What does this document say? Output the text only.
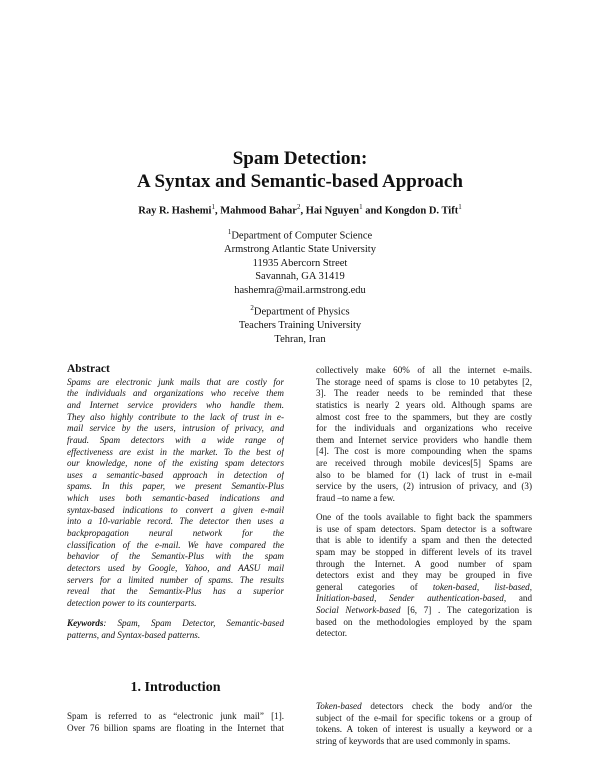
Spam Detection:
A Syntax and Semantic-based Approach
Ray R. Hashemi$^1$, Mahmood Bahar$^2$, Hai Nguyen$^1$ and Kongdon D. Tift$^1$
$^1$Department of Computer Science
Armstrong Atlantic State University
11935 Abercorn Street
Savannah, GA 31419
hashemra@mail.armstrong.edu
$^2$Department of Physics
Teachers Training University
Tehran, Iran
Abstract
Spams are electronic junk mails that are costly for
the individuals and organizations who receive them
and Internet service providers who handle them.
They also highly contribute to the lack of trust in e-
mail service by the users, intrusion of privacy, and
fraud. Spam detectors with a wide range of
effectiveness are exist in the market. To the best of
our knowledge, none of the existing spam detectors
uses a semantic-based approach in detection of
spams. In this paper, we present Semantix-Plus
which uses both semantic-based indications and
syntax-based indications to convert a given e-mail
into a 10-variable record. The detector then uses a
backpropagation neural network for the
classification of the e-mail. We have compared the
behavior of the Semantix-Plus with the spam
detectors used by Google, Yahoo, and AASU mail
servers for a limited number of spams. The results
reveal that the Semantix-Plus has a superior
detection power to its counterparts.
Keywords: Spam, Spam Detector, Semantic-based
patterns, and Syntax-based patterns.
1. Introduction
Spam is referred to as “electronic junk mail” [1].
Over 76 billion spams are floating in the Internet that
collectively make 60% of all the internet e-mails.
The storage need of spams is close to 10 petabytes [2,
3]. The reader needs to be reminded that these
statistics is nearly 2 years old. Although spams are
almost cost free to the spammers, but they are costly
for the individuals and organizations who receive
them and Internet service providers who handle them
[4]. The cost is more compounding when the spams
are received through mobile devices[5] Spams are
also to be blamed for (1) lack of trust in e-mail
service by the users, (2) intrusion of privacy, and (3)
fraud –to name a few.
One of the tools available to fight back the spammers
is use of spam detectors. Spam detector is a software
that is able to identify a spam and then the detected
spam may be stopped in different levels of its travel
through the Internet. A good number of spam
detectors exist and they may be grouped in five
general categories of token-based, list-based,
Initiation-based, Sender authentication-based, and
Social Network-based [6, 7] . The categorization is
based on the methodologies employed by the spam
detector.
Token-based detectors check the body and/or the
subject of the e-mail for specific tokens or a group of
tokens. A token of interest is usually a keyword or a
string of keywords that are used commonly in spams.
